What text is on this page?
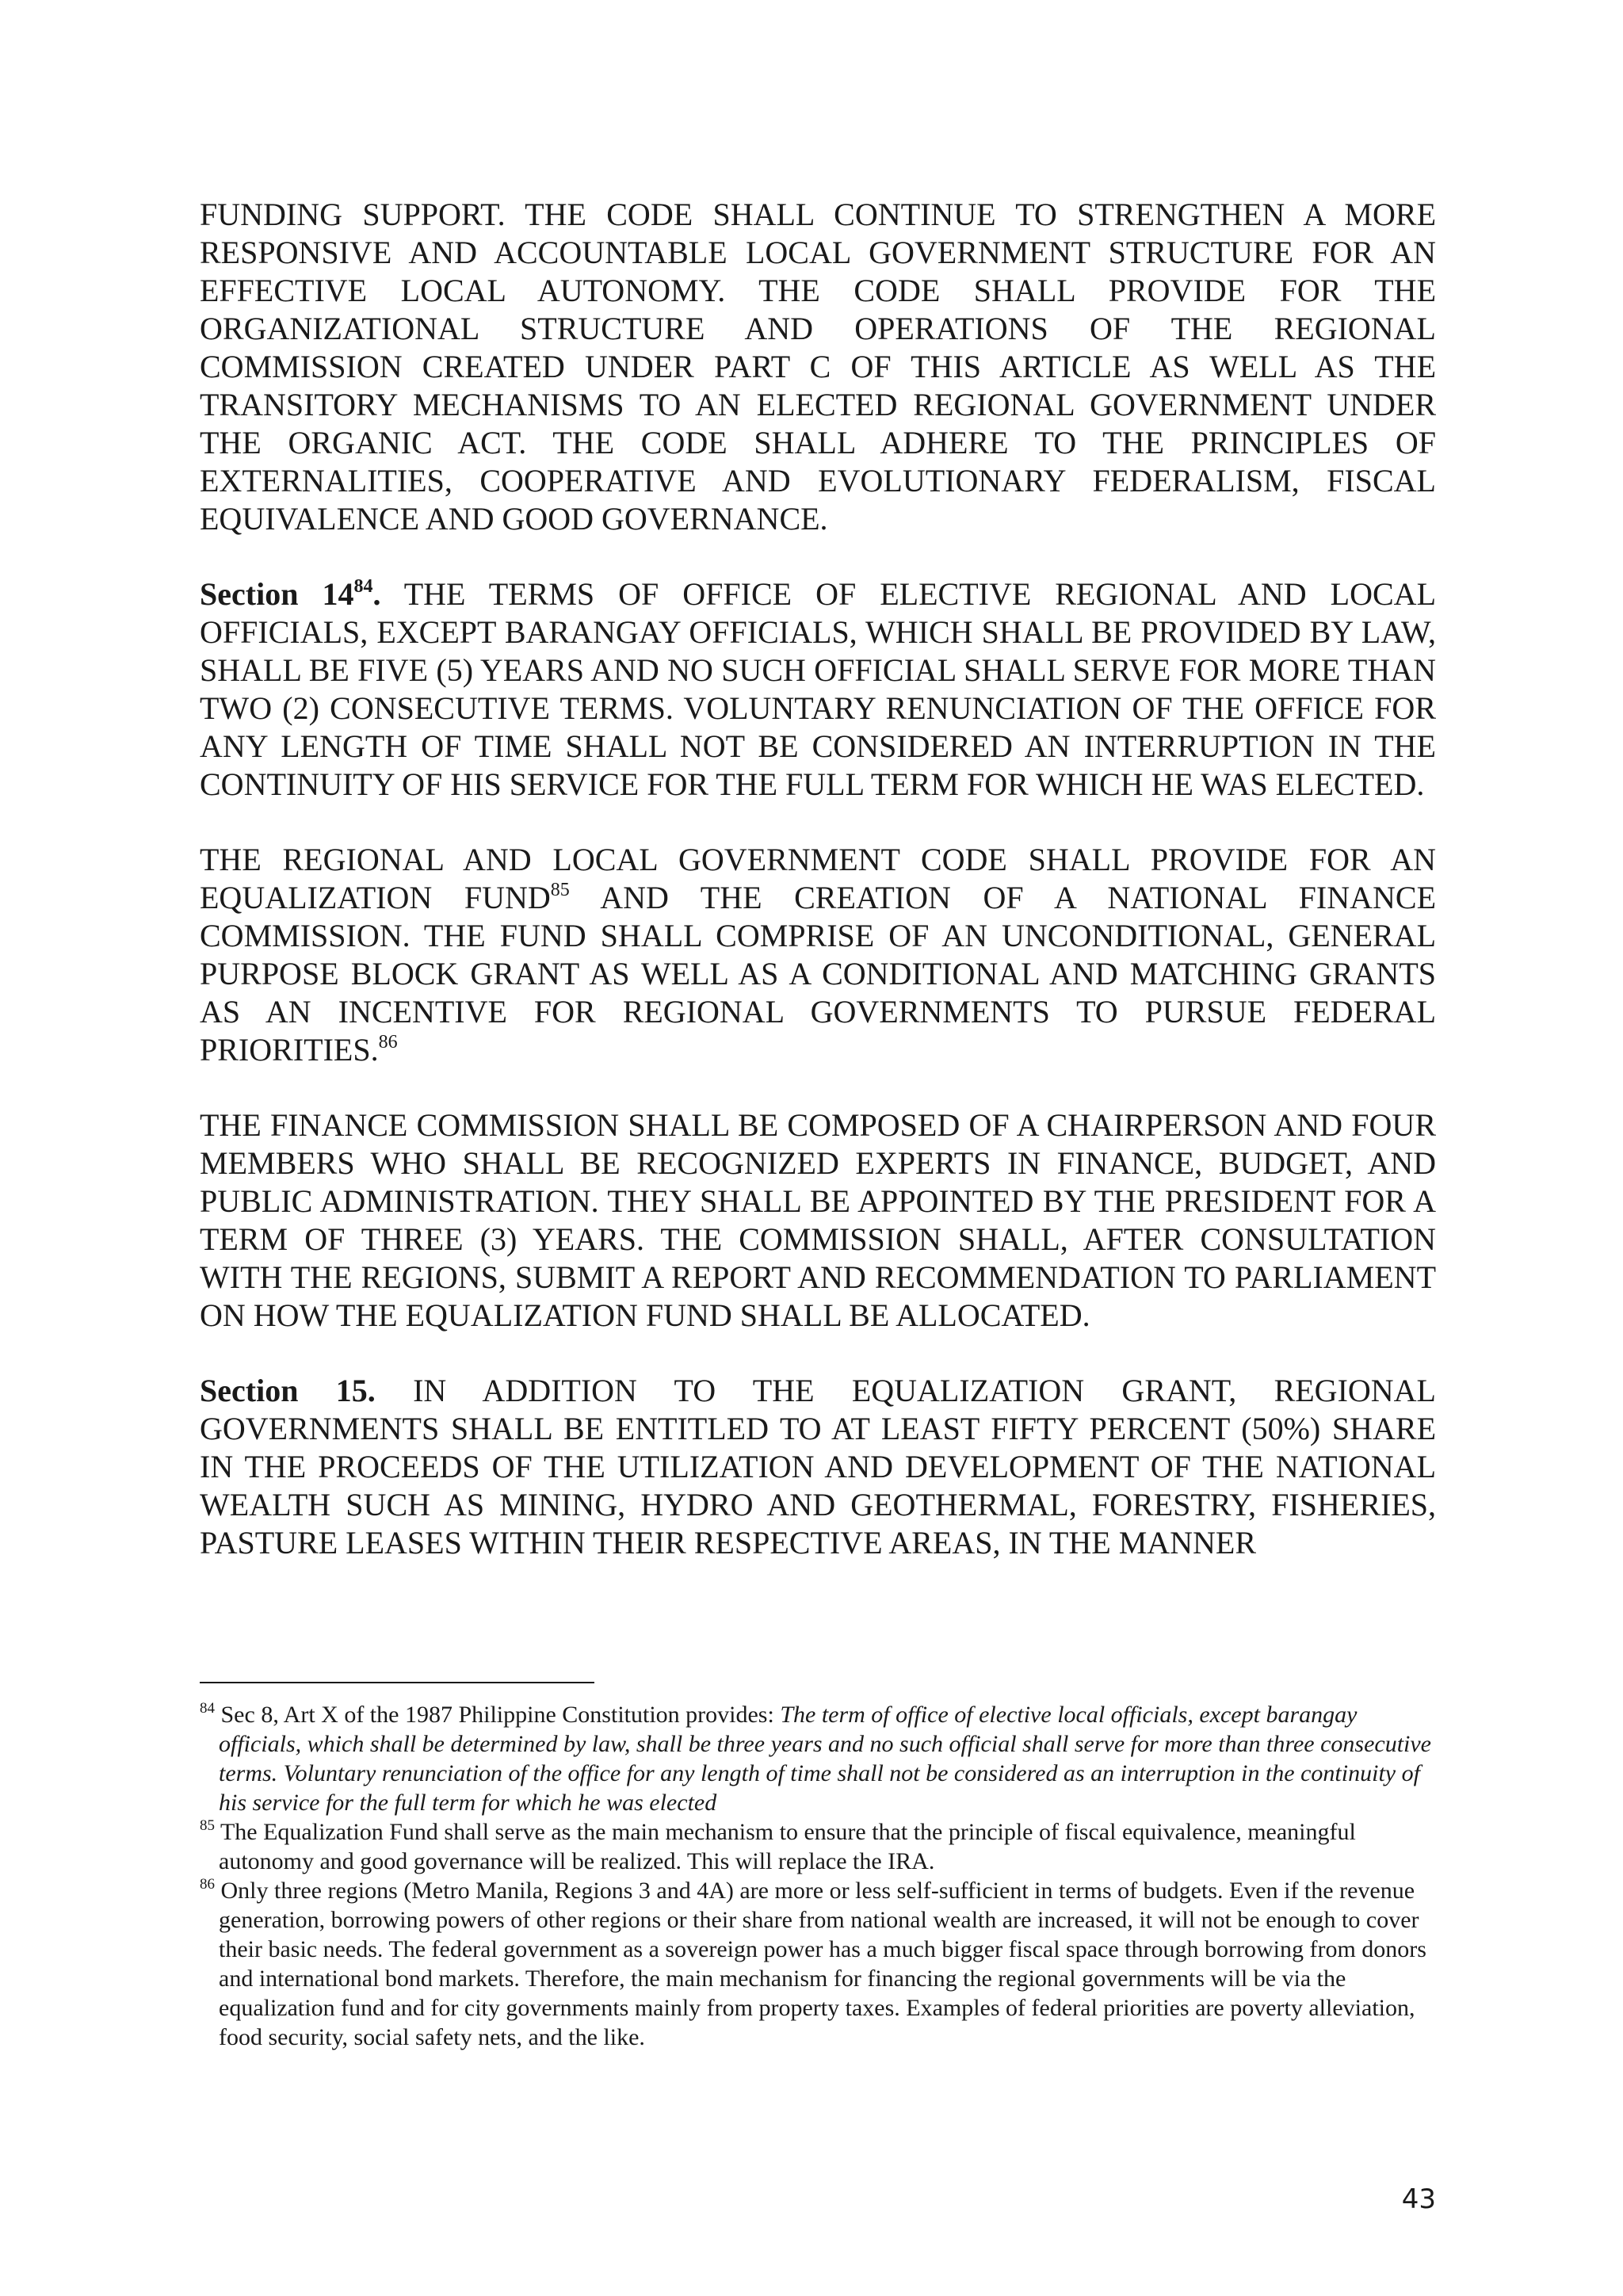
FUNDING SUPPORT. THE CODE SHALL CONTINUE TO STRENGTHEN A MORE RESPONSIVE AND ACCOUNTABLE LOCAL GOVERNMENT STRUCTURE FOR AN EFFECTIVE LOCAL AUTONOMY. THE CODE SHALL PROVIDE FOR THE ORGANIZATIONAL STRUCTURE AND OPERATIONS OF THE REGIONAL COMMISSION CREATED UNDER PART C OF THIS ARTICLE AS WELL AS THE TRANSITORY MECHANISMS TO AN ELECTED REGIONAL GOVERNMENT UNDER THE ORGANIC ACT. THE CODE SHALL ADHERE TO THE PRINCIPLES OF EXTERNALITIES, COOPERATIVE AND EVOLUTIONARY FEDERALISM, FISCAL EQUIVALENCE AND GOOD GOVERNANCE.

Section $14^{84}$. THE TERMS OF OFFICE OF ELECTIVE REGIONAL AND LOCAL OFFICIALS, EXCEPT BARANGAY OFFICIALS, WHICH SHALL BE PROVIDED BY LAW, SHALL BE FIVE (5) YEARS AND NO SUCH OFFICIAL SHALL SERVE FOR MORE THAN TWO (2) CONSECUTIVE TERMS. VOLUNTARY RENUNCIATION OF THE OFFICE FOR ANY LENGTH OF TIME SHALL NOT BE CONSIDERED AN INTERRUPTION IN THE CONTINUITY OF HIS SERVICE FOR THE FULL TERM FOR WHICH HE WAS ELECTED.

THE REGIONAL AND LOCAL GOVERNMENT CODE SHALL PROVIDE FOR AN EQUALIZATION FUND$^{85}$ AND THE CREATION OF A NATIONAL FINANCE COMMISSION. THE FUND SHALL COMPRISE OF AN UNCONDITIONAL, GENERAL PURPOSE BLOCK GRANT AS WELL AS A CONDITIONAL AND MATCHING GRANTS AS AN INCENTIVE FOR REGIONAL GOVERNMENTS TO PURSUE FEDERAL PRIORITIES.$^{86}$

THE FINANCE COMMISSION SHALL BE COMPOSED OF A CHAIRPERSON AND FOUR MEMBERS WHO SHALL BE RECOGNIZED EXPERTS IN FINANCE, BUDGET, AND PUBLIC ADMINISTRATION. THEY SHALL BE APPOINTED BY THE PRESIDENT FOR A TERM OF THREE (3) YEARS. THE COMMISSION SHALL, AFTER CONSULTATION WITH THE REGIONS, SUBMIT A REPORT AND RECOMMENDATION TO PARLIAMENT ON HOW THE EQUALIZATION FUND SHALL BE ALLOCATED.

Section 15. IN ADDITION TO THE EQUALIZATION GRANT, REGIONAL GOVERNMENTS SHALL BE ENTITLED TO AT LEAST FIFTY PERCENT (50%) SHARE IN THE PROCEEDS OF THE UTILIZATION AND DEVELOPMENT OF THE NATIONAL WEALTH SUCH AS MINING, HYDRO AND GEOTHERMAL, FORESTRY, FISHERIES, PASTURE LEASES WITHIN THEIR RESPECTIVE AREAS, IN THE MANNER

$^{84}$ Sec 8, Art X of the 1987 Philippine Constitution provides: The term of office of elective local officials, except barangay officials, which shall be determined by law, shall be three years and no such official shall serve for more than three consecutive terms. Voluntary renunciation of the office for any length of time shall not be considered as an interruption in the continuity of his service for the full term for which he was elected

$^{85}$ The Equalization Fund shall serve as the main mechanism to ensure that the principle of fiscal equivalence, meaningful autonomy and good governance will be realized. This will replace the IRA.

$^{86}$ Only three regions (Metro Manila, Regions 3 and 4A) are more or less self-sufficient in terms of budgets. Even if the revenue generation, borrowing powers of other regions or their share from national wealth are increased, it will not be enough to cover their basic needs. The federal government as a sovereign power has a much bigger fiscal space through borrowing from donors and international bond markets. Therefore, the main mechanism for financing the regional governments will be via the equalization fund and for city governments mainly from property taxes. Examples of federal priorities are poverty alleviation, food security, social safety nets, and the like.

43
